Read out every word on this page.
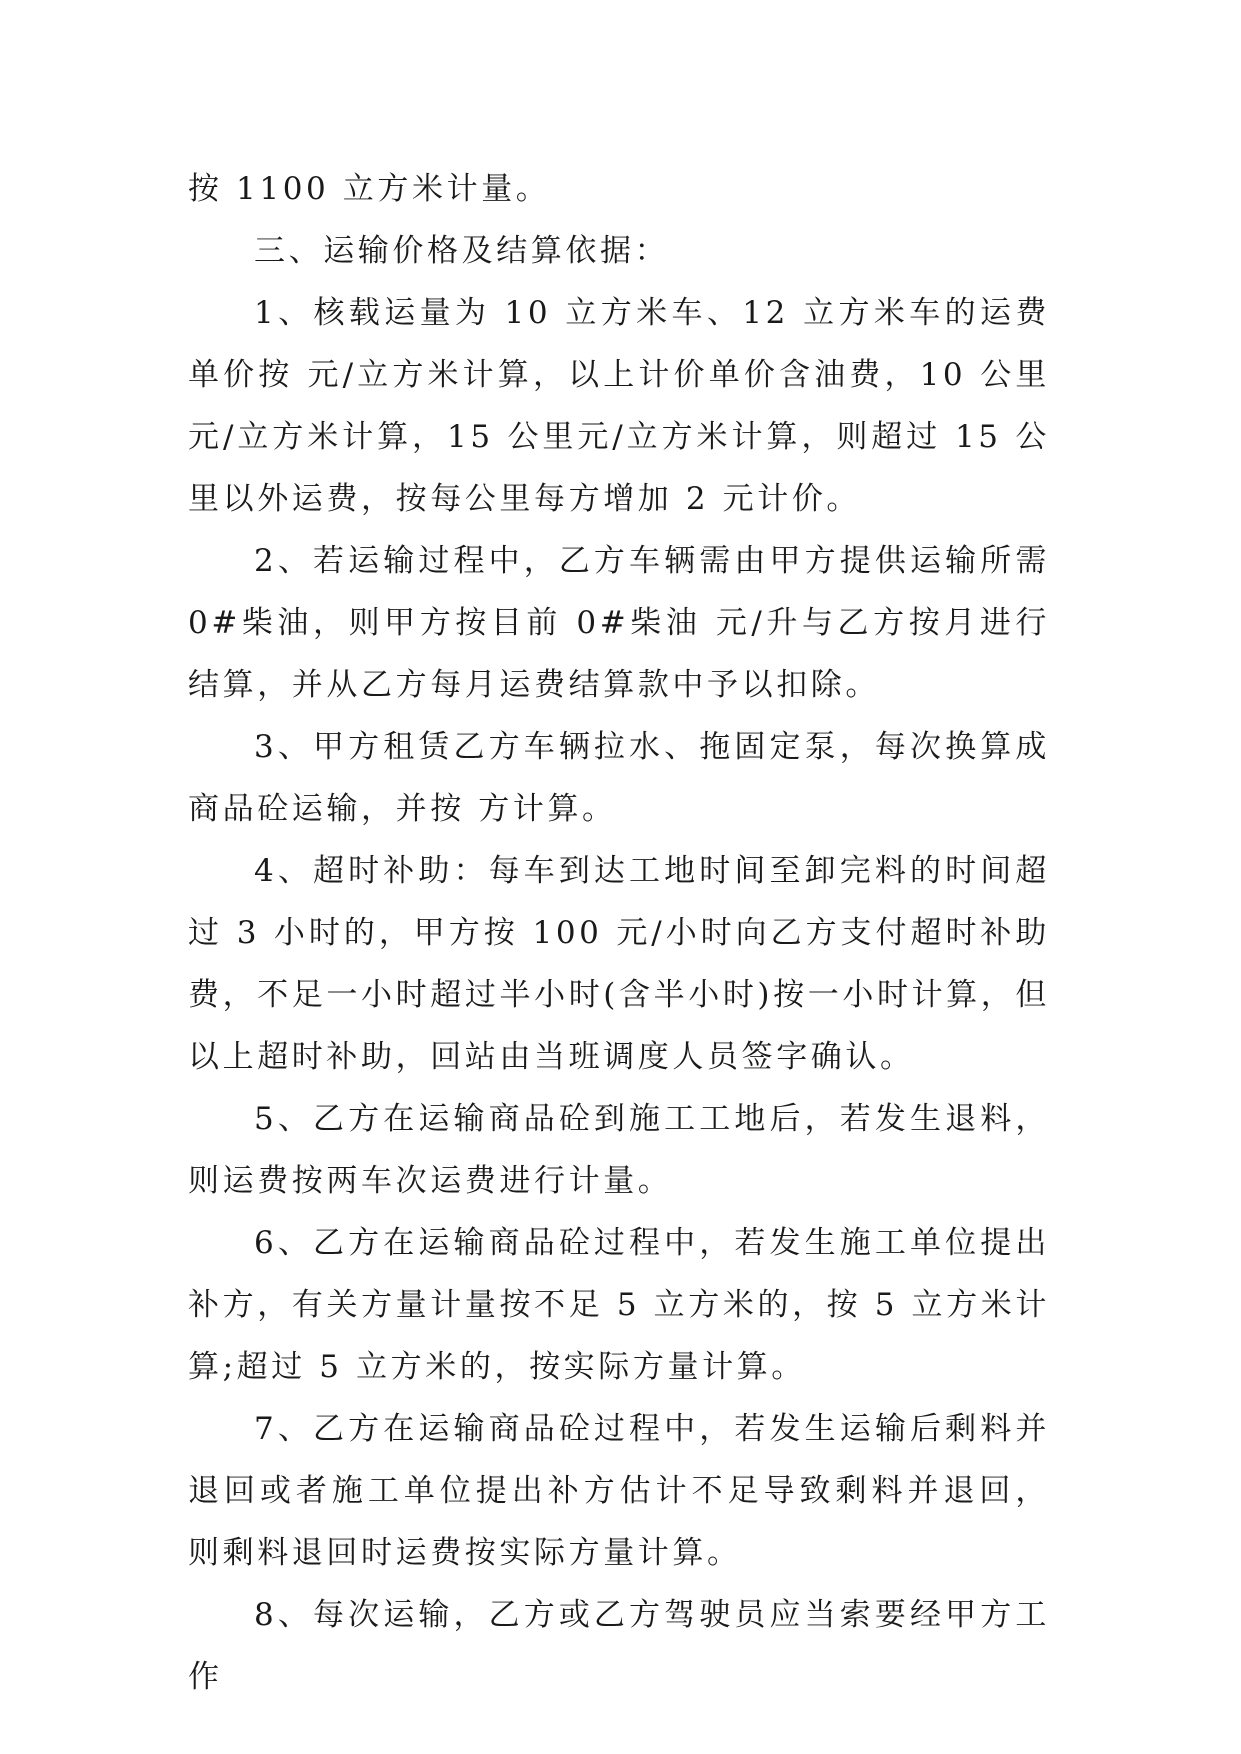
按 1100 立方米计量。

三、运输价格及结算依据：

1、核载运量为 10 立方米车、12 立方米车的运费单价按 元/立方米计算，以上计价单价含油费，10 公里 元/立方米计算，15 公里元/立方米计算，则超过 15 公里以外运费，按每公里每方增加 2 元计价。

2、若运输过程中，乙方车辆需由甲方提供运输所需 0#柴油，则甲方按目前 0#柴油 元/升与乙方按月进行结算，并从乙方每月运费结算款中予以扣除。

3、甲方租赁乙方车辆拉水、拖固定泵，每次换算成商品砼运输，并按 方计算。

4、超时补助：每车到达工地时间至卸完料的时间超过 3 小时的，甲方按 100 元/小时向乙方支付超时补助费，不足一小时超过半小时(含半小时)按一小时计算，但以上超时补助，回站由当班调度人员签字确认。

5、乙方在运输商品砼到施工工地后，若发生退料，则运费按两车次运费进行计量。

6、乙方在运输商品砼过程中，若发生施工单位提出补方，有关方量计量按不足 5 立方米的，按 5 立方米计算;超过 5 立方米的，按实际方量计算。

7、乙方在运输商品砼过程中，若发生运输后剩料并退回或者施工单位提出补方估计不足导致剩料并退回，则剩料退回时运费按实际方量计算。

8、每次运输，乙方或乙方驾驶员应当索要经甲方工作
